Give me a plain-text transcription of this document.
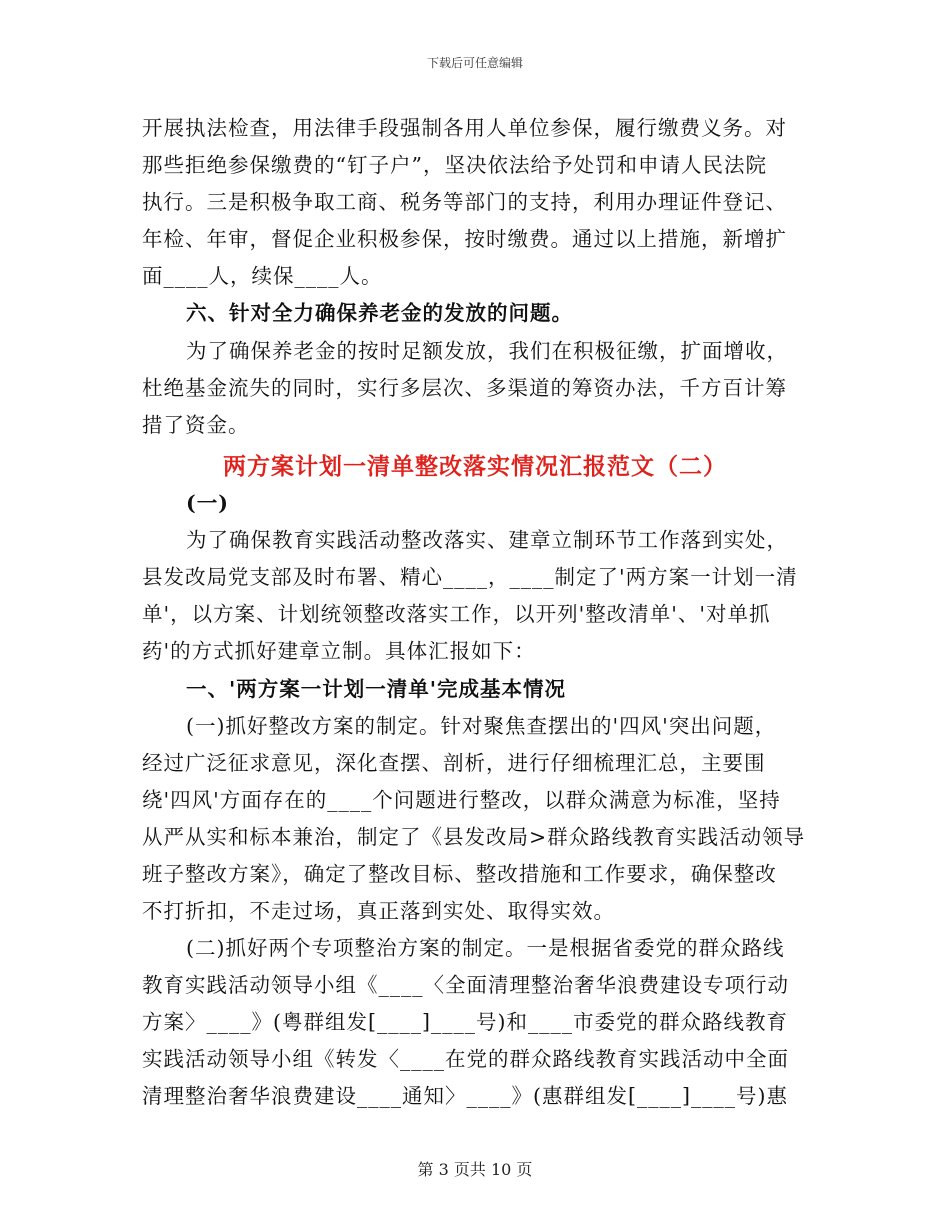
下载后可任意编辑
开展执法检查，用法律手段强制各用人单位参保，履行缴费义务。对
那些拒绝参保缴费的“钉子户”，坚决依法给予处罚和申请人民法院
执行。三是积极争取工商、税务等部门的支持，利用办理证件登记、
年检、年审，督促企业积极参保，按时缴费。通过以上措施，新增扩
面____人，续保____人。
六、针对全力确保养老金的发放的问题。
为了确保养老金的按时足额发放，我们在积极征缴，扩面增收，
杜绝基金流失的同时，实行多层次、多渠道的筹资办法，千方百计筹
措了资金。
两方案计划一清单整改落实情况汇报范文（二）
(一)
为了确保教育实践活动整改落实、建章立制环节工作落到实处，
县发改局党支部及时布署、精心____，____制定了'两方案一计划一清
单'，以方案、计划统领整改落实工作，以开列'整改清单'、'对单抓
药'的方式抓好建章立制。具体汇报如下：
一、'两方案一计划一清单'完成基本情况
(一)抓好整改方案的制定。针对聚焦查摆出的'四风'突出问题，
经过广泛征求意见，深化查摆、剖析，进行仔细梳理汇总，主要围
绕'四风'方面存在的____个问题进行整改，以群众满意为标准，坚持
从严从实和标本兼治，制定了《县发改局>群众路线教育实践活动领导
班子整改方案》，确定了整改目标、整改措施和工作要求，确保整改
不打折扣，不走过场，真正落到实处、取得实效。
(二)抓好两个专项整治方案的制定。一是根据省委党的群众路线
教育实践活动领导小组《____〈全面清理整治奢华浪费建设专项行动
方案〉____》(粤群组发[____]____号)和____市委党的群众路线教育
实践活动领导小组《转发〈____在党的群众路线教育实践活动中全面
清理整治奢华浪费建设____通知〉____》(惠群组发[____]____号)惠
第 3 页共 10 页
